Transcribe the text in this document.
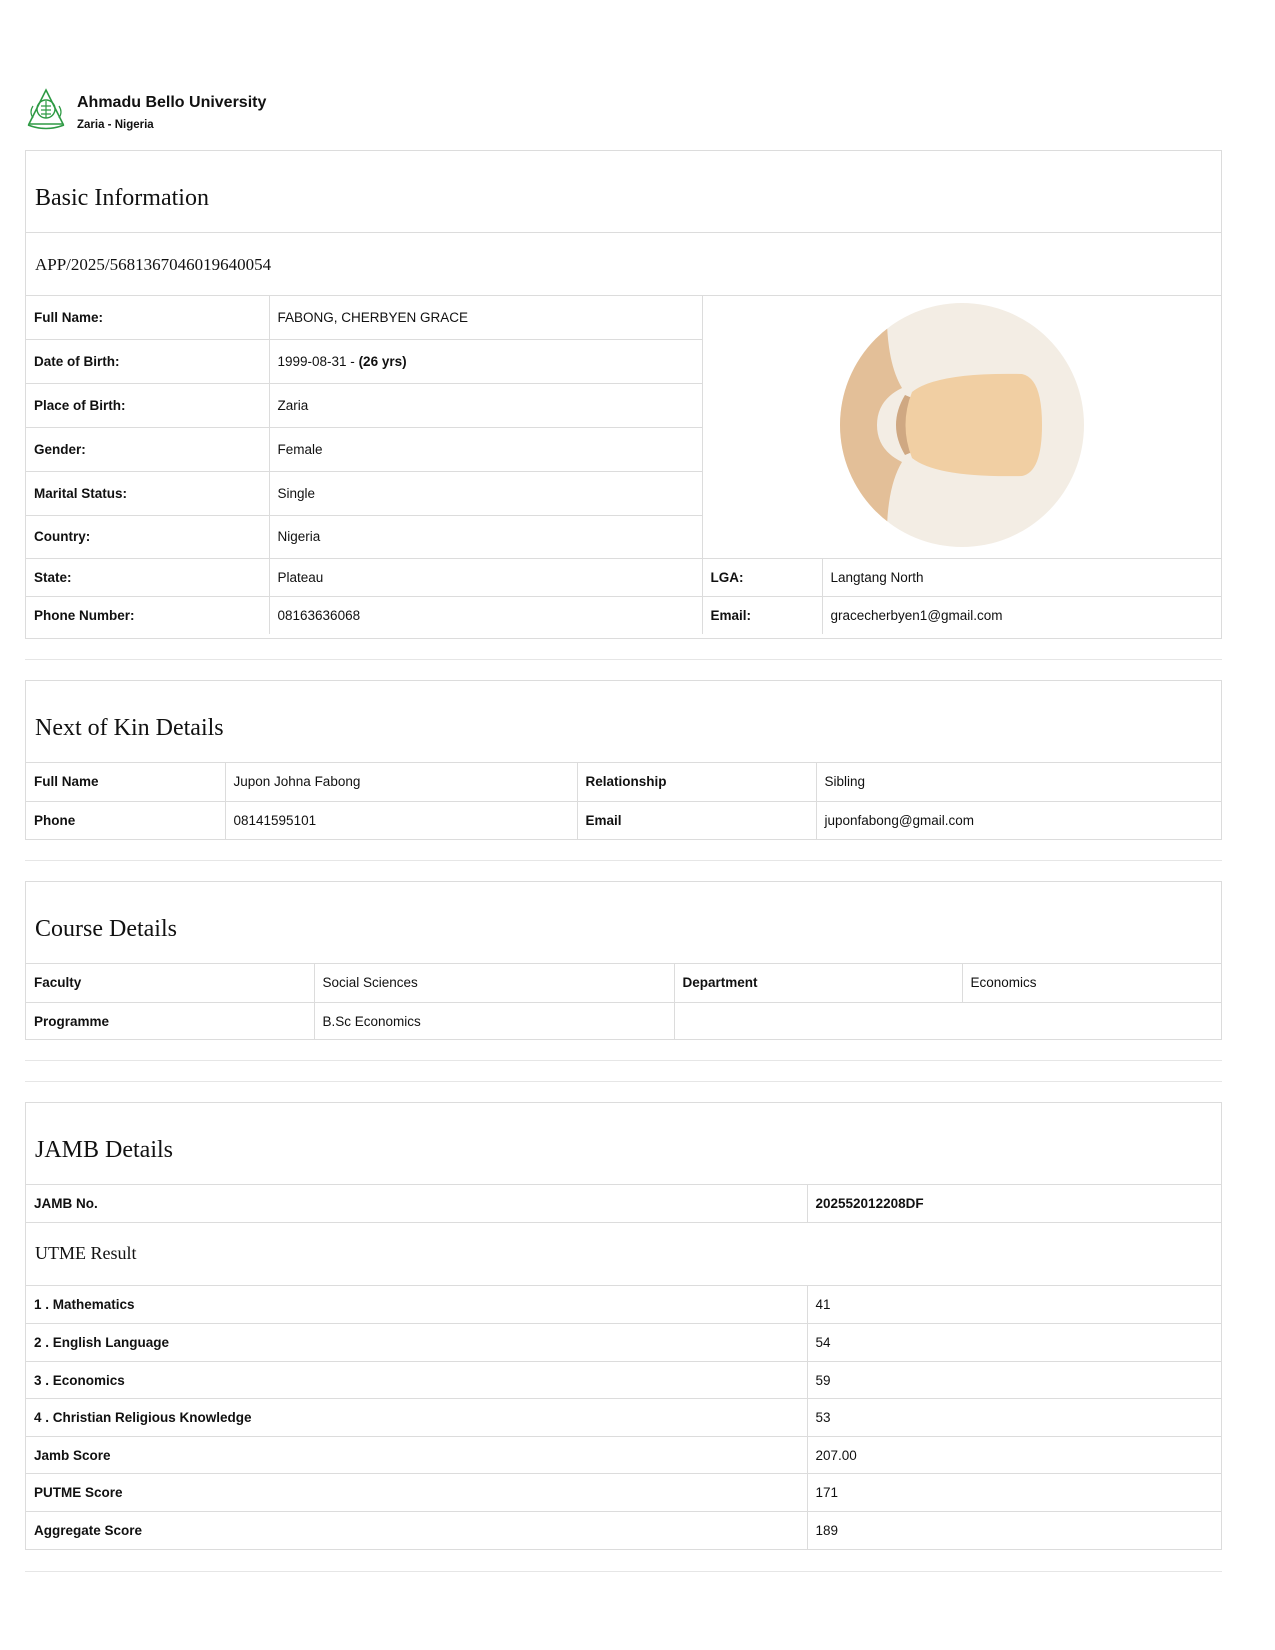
Ahmadu Bello University
Zaria - Nigeria
Basic Information
APP/2025/5681367046019640054
Full Name:	FABONG, CHERBYEN GRACE	
Date of Birth:	1999-08-31 - (26 yrs)		
Place of Birth:	Zaria		
Gender:	Female		
Marital Status:	Single		
Country:	Nigeria		
State:	Plateau	LGA:	Langtang North
Phone Number:	08163636068	Email:	gracecherbyen1@gmail.com
Next of Kin Details
Full Name	Jupon Johna Fabong	Relationship	Sibling
Phone	08141595101	Email	juponfabong@gmail.com
Course Details
Faculty	Social Sciences	Department	Economics
Programme	B.Sc Economics		
JAMB Details
JAMB No.	202552012208DF
UTME Result
1 . Mathematics	41
2 . English Language	54
3 . Economics	59
4 . Christian Religious Knowledge	53
Jamb Score	207.00
PUTME Score	171
Aggregate Score	189
